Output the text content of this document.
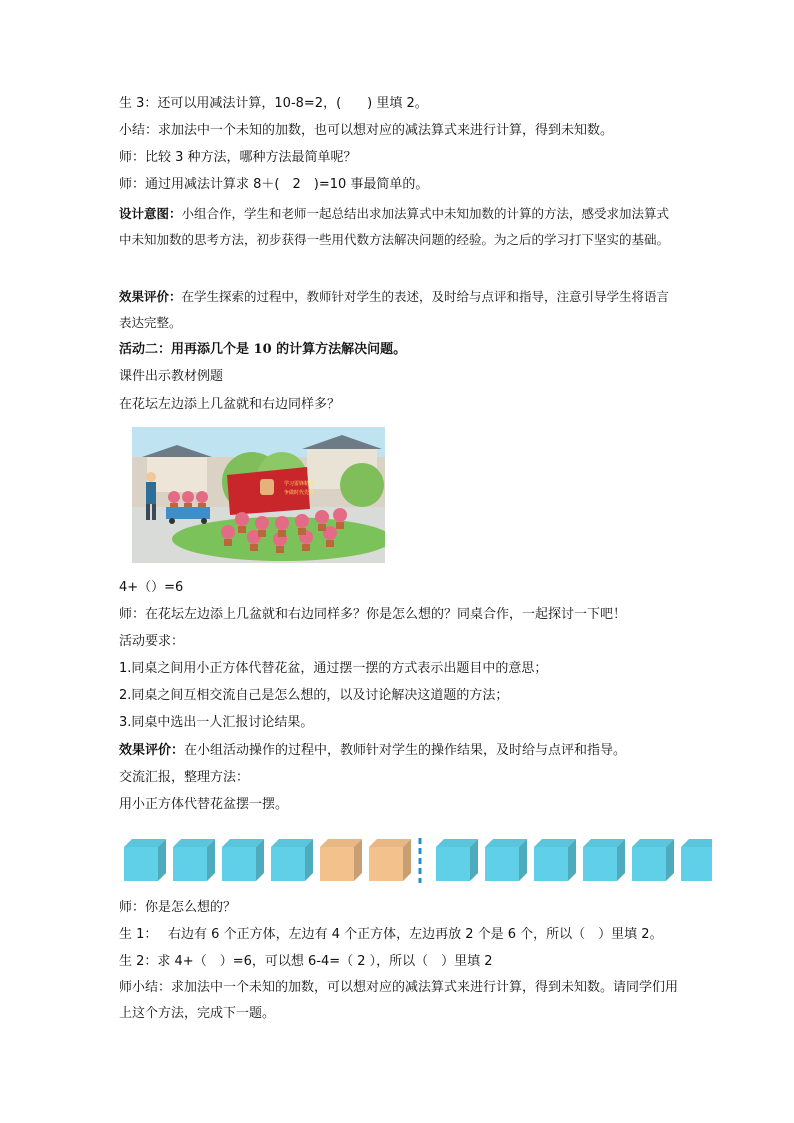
生 3：还可以用减法计算，10-8=2，(　　) 里填 2。
小结：求加法中一个未知的加数，也可以想对应的减法算式来进行计算，得到未知数。
师：比较 3 种方法，哪种方法最简单呢？
师：通过用减法计算求 8＋(　2　)=10 事最简单的。
设计意图：小组合作，学生和老师一起总结出求加法算式中未知加数的计算的方法，感受求加法算式中未知加数的思考方法，初步获得一些用代数方法解决问题的经验。为之后的学习打下坚实的基础。
效果评价：在学生探索的过程中，教师针对学生的表述，及时给与点评和指导，注意引导学生将语言表达完整。
活动二：用再添几个是 10 的计算方法解决问题。
课件出示教材例题
在花坛左边添上几盆就和右边同样多？
学习雷锋精神
争做时代先锋
4+（）=6
师：在花坛左边添上几盆就和右边同样多？你是怎么想的？同桌合作，一起探讨一下吧！
活动要求：
1.同桌之间用小正方体代替花盆，通过摆一摆的方式表示出题目中的意思；
2.同桌之间互相交流自己是怎么想的，以及讨论解决这道题的方法；
3.同桌中选出一人汇报讨论结果。
效果评价：在小组活动操作的过程中，教师针对学生的操作结果，及时给与点评和指导。
交流汇报，整理方法：
用小正方体代替花盆摆一摆。
师：你是怎么想的？
生 1：　 右边有 6 个正方体，左边有 4 个正方体，左边再放 2 个是 6 个，所以（　）里填 2。
生 2：求 4+（　）=6，可以想 6-4=（ 2 ），所以（　）里填 2
师小结：求加法中一个未知的加数，可以想对应的减法算式来进行计算，得到未知数。请同学们用上这个方法，完成下一题。
